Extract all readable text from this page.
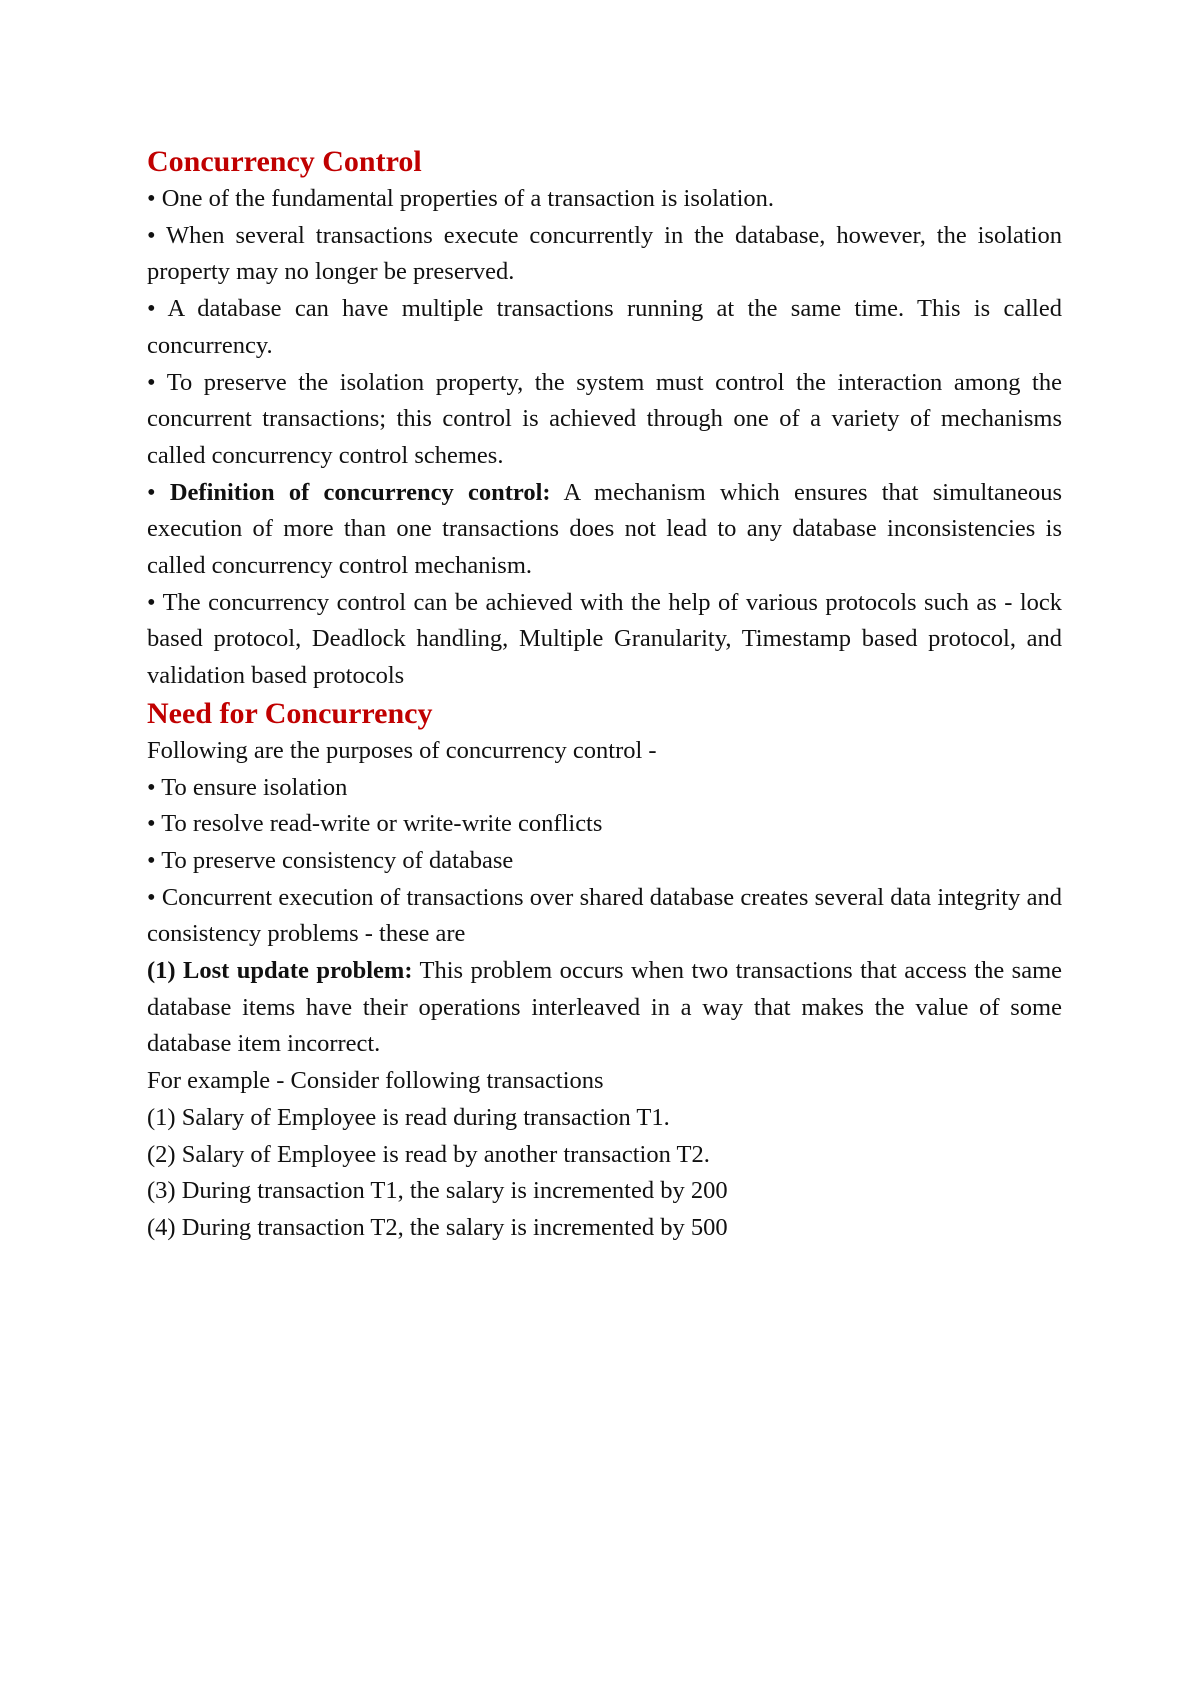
Concurrency Control

• One of the fundamental properties of a transaction is isolation.

• When several transactions execute concurrently in the database, however, the isolation property may no longer be preserved.

• A database can have multiple transactions running at the same time. This is called concurrency.

• To preserve the isolation property, the system must control the interaction among the concurrent transactions; this control is achieved through one of a variety of mechanisms called concurrency control schemes.

• Definition of concurrency control: A mechanism which ensures that simultaneous execution of more than one transactions does not lead to any database inconsistencies is called concurrency control mechanism.

• The concurrency control can be achieved with the help of various protocols such as - lock based protocol, Deadlock handling, Multiple Granularity, Timestamp based protocol, and validation based protocols

Need for Concurrency

Following are the purposes of concurrency control -

• To ensure isolation

• To resolve read-write or write-write conflicts

• To preserve consistency of database

• Concurrent execution of transactions over shared database creates several data integrity and consistency problems - these are

(1) Lost update problem: This problem occurs when two transactions that access the same database items have their operations interleaved in a way that makes the value of some database item incorrect.

For example - Consider following transactions

(1) Salary of Employee is read during transaction T1.

(2) Salary of Employee is read by another transaction T2.

(3) During transaction T1, the salary is incremented by 200

(4) During transaction T2, the salary is incremented by 500
